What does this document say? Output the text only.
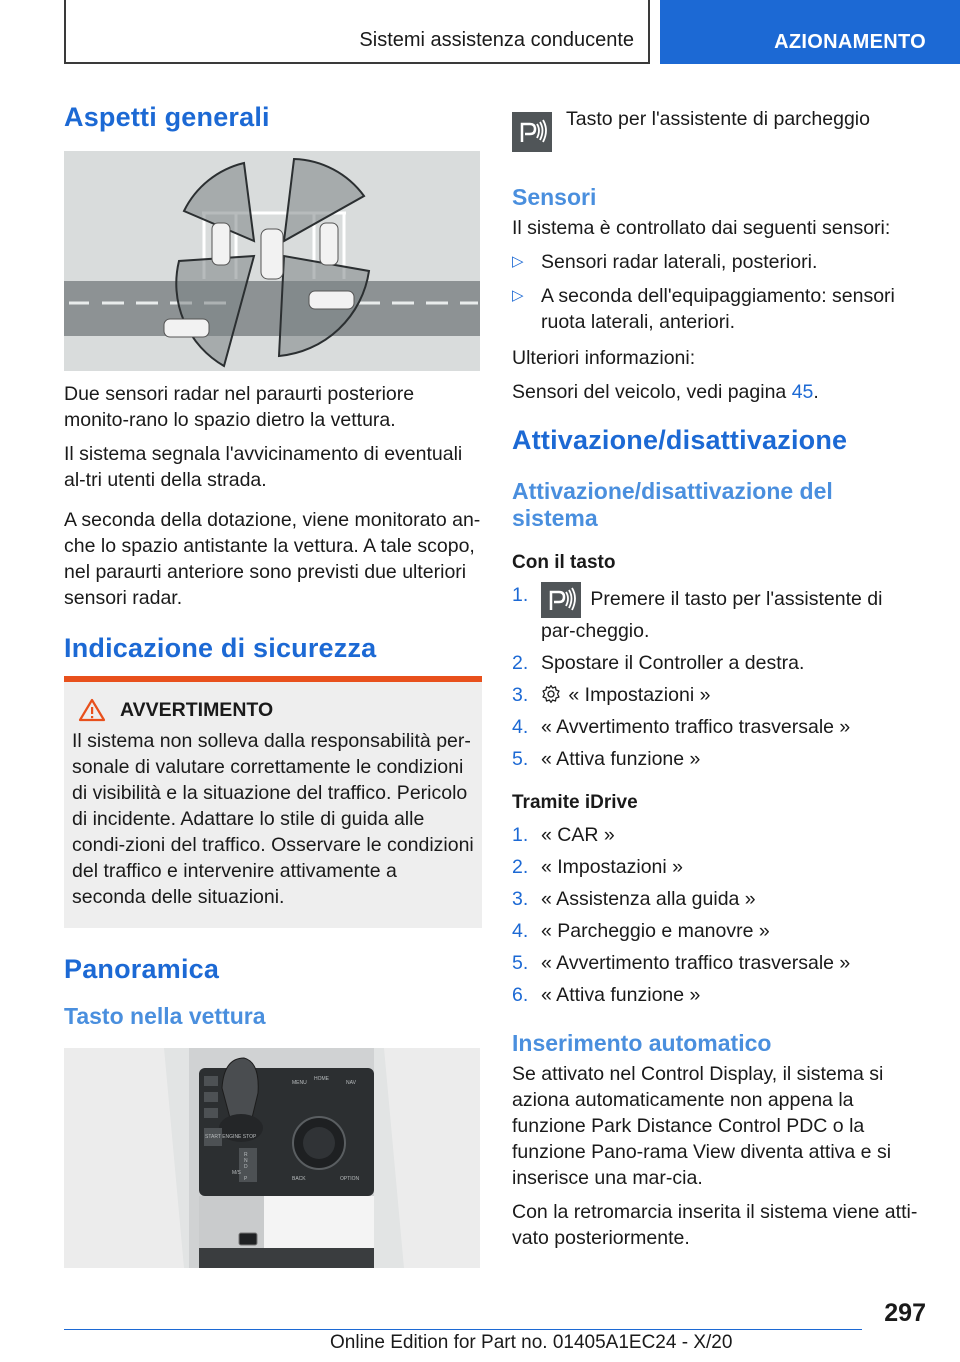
Sistemi assistenza conducente	AZIONAMENTO
Aspetti generali

Due sensori radar nel paraurti posteriore monito-rano lo spazio dietro la vettura.

Il sistema segnala l'avvicinamento di eventuali al-tri utenti della strada.

A seconda della dotazione, viene monitorato an-che lo spazio antistante la vettura. A tale scopo, nel paraurti anteriore sono previsti due ulteriori sensori radar.

Indicazione di sicurezza
AVVERTIMENTO

Il sistema non solleva dalla responsabilità per-sonale di valutare correttamente le condizioni di visibilità e la situazione del traffico. Pericolo di incidente. Adattare lo stile di guida alle condi-zioni del traffico. Osservare le condizioni del traffico e intervenire attivamente a seconda delle situazioni.

Panoramica
Tasto nella vettura
MENU
HOME
NAV
BACK	OPTION
START ENGINE STOP
R
N
D
M/S
P

Tasto per l'assistente di parcheggio

Sensori

Il sistema è controllato dai seguenti sensori:

▷ Sensori radar laterali, posteriori.
▷ A seconda dell'equipaggiamento: sensori ruota laterali, anteriori.

Ulteriori informazioni:

Sensori del veicolo, vedi pagina 45.

Attivazione/disattivazione
Attivazione/disattivazione del sistema
Con il tasto
1.	Premere il tasto per l'assistente di par-cheggio.
2. Spostare il Controller a destra.
3. « Impostazioni »
4. « Avvertimento traffico trasversale »
5. « Attiva funzione »
Tramite iDrive
1. « CAR »
2. « Impostazioni »
3. « Assistenza alla guida »
4. « Parcheggio e manovre »
5. « Avvertimento traffico trasversale »
6. « Attiva funzione »
Inserimento automatico

Se attivato nel Control Display, il sistema si aziona automaticamente non appena la funzione Park Distance Control PDC o la funzione Pano-rama View diventa attiva e si inserisce una mar-cia.

Con la retromarcia inserita il sistema viene atti-vato posteriormente.

297
Online Edition for Part no. 01405A1EC24 - X/20
